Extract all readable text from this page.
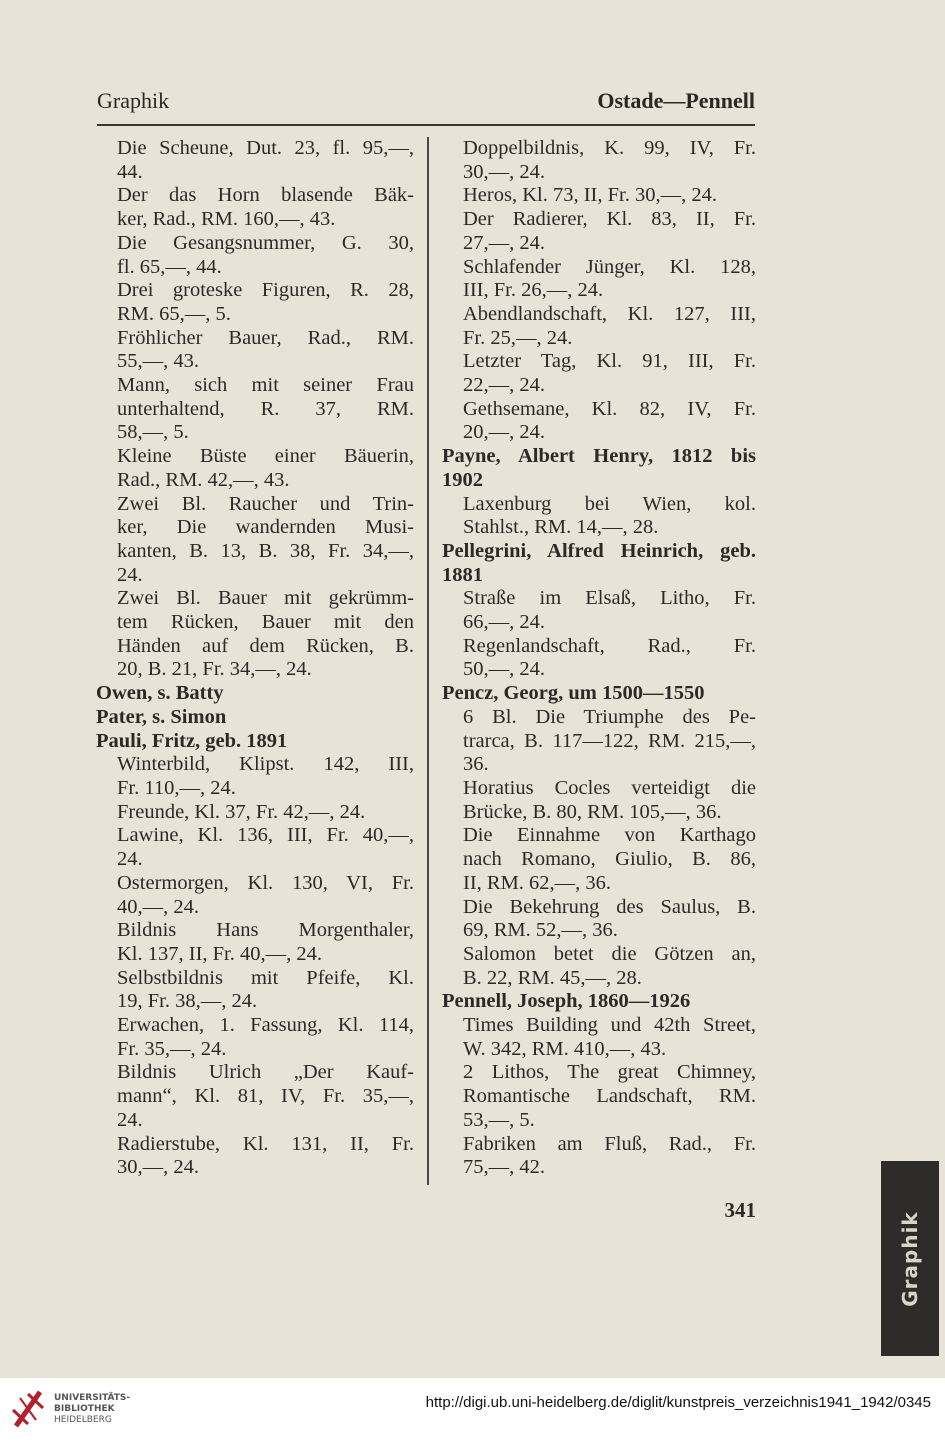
Graphik	Ostade—Pennell
Die Scheune, Dut. 23, fl. 95,—,
44.
Der das Horn blasende Bäk-
ker, Rad., RM. 160,—, 43.
Die Gesangsnummer, G. 30,
fl. 65,—, 44.
Drei groteske Figuren, R. 28,
RM. 65,—, 5.
Fröhlicher Bauer, Rad., RM.
55,—, 43.
Mann, sich mit seiner Frau
unterhaltend, R. 37, RM.
58,—, 5.
Kleine Büste einer Bäuerin,
Rad., RM. 42,—, 43.
Zwei Bl. Raucher und Trin-
ker, Die wandernden Musi-
kanten, B. 13, B. 38, Fr. 34,—,
24.
Zwei Bl. Bauer mit gekrümm-
tem Rücken, Bauer mit den
Händen auf dem Rücken, B.
20, B. 21, Fr. 34,—, 24.
Owen, s. Batty
Pater, s. Simon
Pauli, Fritz, geb. 1891
Winterbild, Klipst. 142, III,
Fr. 110,—, 24.
Freunde, Kl. 37, Fr. 42,—, 24.
Lawine, Kl. 136, III, Fr. 40,—,
24.
Ostermorgen, Kl. 130, VI, Fr.
40,—, 24.
Bildnis Hans Morgenthaler,
Kl. 137, II, Fr. 40,—, 24.
Selbstbildnis mit Pfeife, Kl.
19, Fr. 38,—, 24.
Erwachen, 1. Fassung, Kl. 114,
Fr. 35,—, 24.
Bildnis Ulrich „Der Kauf-
mann“, Kl. 81, IV, Fr. 35,—,
24.
Radierstube, Kl. 131, II, Fr.
30,—, 24.
Doppelbildnis, K. 99, IV, Fr.
30,—, 24.
Heros, Kl. 73, II, Fr. 30,—, 24.
Der Radierer, Kl. 83, II, Fr.
27,—, 24.
Schlafender Jünger, Kl. 128,
III, Fr. 26,—, 24.
Abendlandschaft, Kl. 127, III,
Fr. 25,—, 24.
Letzter Tag, Kl. 91, III, Fr.
22,—, 24.
Gethsemane, Kl. 82, IV, Fr.
20,—, 24.
Payne, Albert Henry, 1812 bis
1902
Laxenburg bei Wien, kol.
Stahlst., RM. 14,—, 28.
Pellegrini, Alfred Heinrich, geb.
1881
Straße im Elsaß, Litho, Fr.
66,—, 24.
Regenlandschaft, Rad., Fr.
50,—, 24.
Pencz, Georg, um 1500—1550
6 Bl. Die Triumphe des Pe-
trarca, B. 117—122, RM. 215,—,
36.
Horatius Cocles verteidigt die
Brücke, B. 80, RM. 105,—, 36.
Die Einnahme von Karthago
nach Romano, Giulio, B. 86,
II, RM. 62,—, 36.
Die Bekehrung des Saulus, B.
69, RM. 52,—, 36.
Salomon betet die Götzen an,
B. 22, RM. 45,—, 28.
Pennell, Joseph, 1860—1926
Times Building und 42th Street,
W. 342, RM. 410,—, 43.
2 Lithos, The great Chimney,
Romantische Landschaft, RM.
53,—, 5.
Fabriken am Fluß, Rad., Fr.
75,—, 42.
341
Graphik
UNIVERSITÄTS-
BIBLIOTHEK
HEIDELBERG
http://digi.ub.uni-heidelberg.de/diglit/kunstpreis_verzeichnis1941_1942/0345
